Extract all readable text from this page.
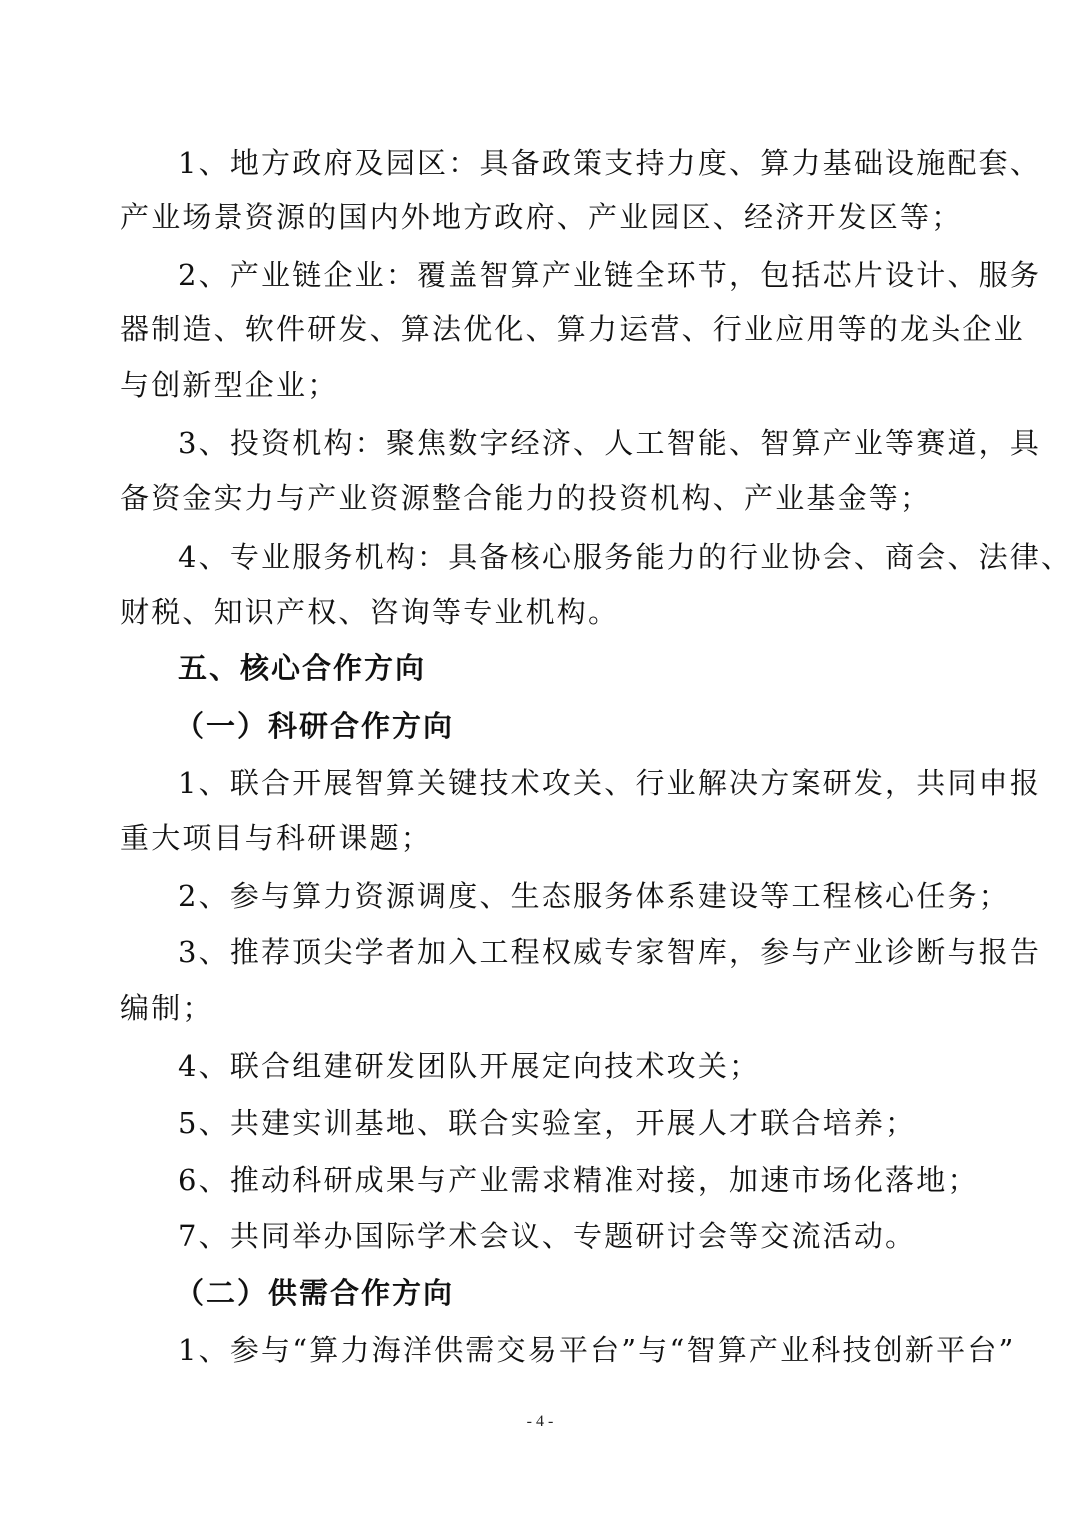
1、地方政府及园区：具备政策支持力度、算力基础设施配套、
产业场景资源的国内外地方政府、产业园区、经济开发区等；
2、产业链企业：覆盖智算产业链全环节，包括芯片设计、服务
器制造、软件研发、算法优化、算力运营、行业应用等的龙头企业
与创新型企业；
3、投资机构：聚焦数字经济、人工智能、智算产业等赛道，具
备资金实力与产业资源整合能力的投资机构、产业基金等；
4、专业服务机构：具备核心服务能力的行业协会、商会、法律、
财税、知识产权、咨询等专业机构。
五、核心合作方向
（一）科研合作方向
1、联合开展智算关键技术攻关、行业解决方案研发，共同申报
重大项目与科研课题；
2、参与算力资源调度、生态服务体系建设等工程核心任务；
3、推荐顶尖学者加入工程权威专家智库，参与产业诊断与报告
编制；
4、联合组建研发团队开展定向技术攻关；
5、共建实训基地、联合实验室，开展人才联合培养；
6、推动科研成果与产业需求精准对接，加速市场化落地；
7、共同举办国际学术会议、专题研讨会等交流活动。
（二）供需合作方向
1、参与“算力海洋供需交易平台”与“智算产业科技创新平台”
- 4 -
